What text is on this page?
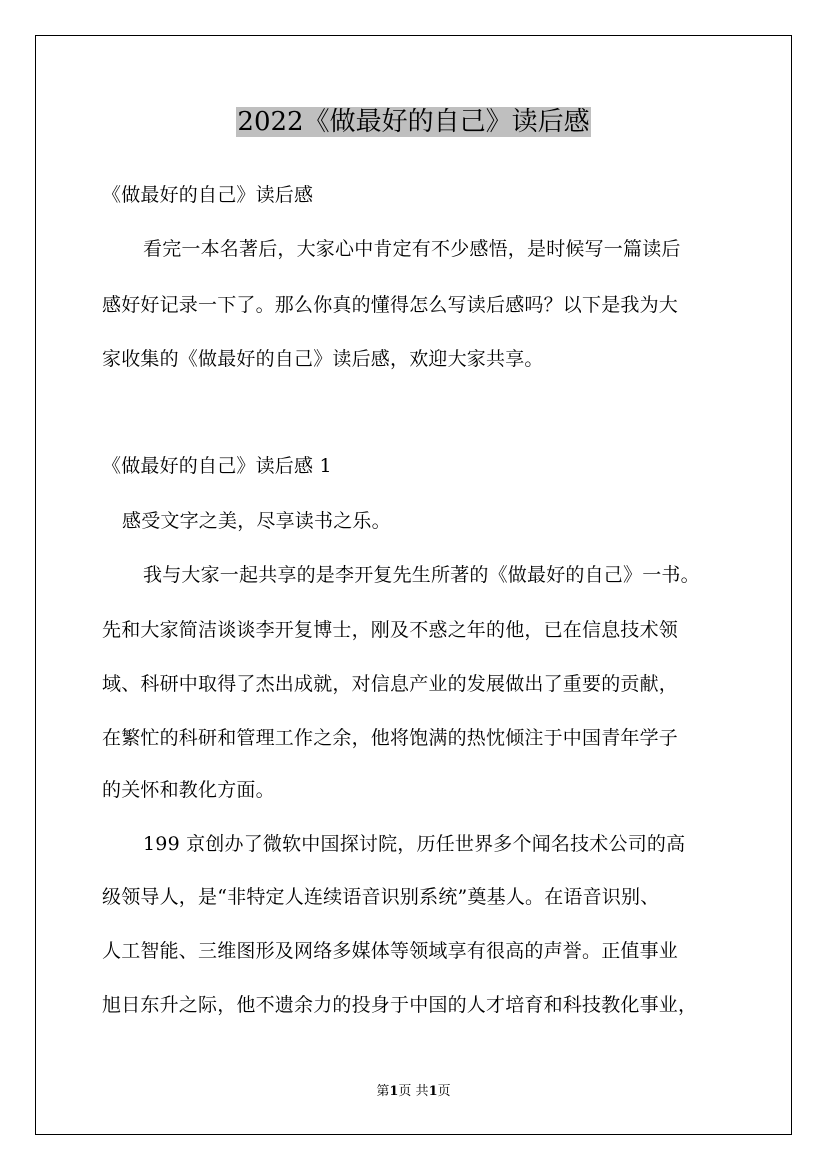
2022《做最好的自己》读后感
《做最好的自己》读后感
看完一本名著后，大家心中肯定有不少感悟，是时候写一篇读后
感好好记录一下了。那么你真的懂得怎么写读后感吗？以下是我为大
家收集的《做最好的自己》读后感，欢迎大家共享。
《做最好的自己》读后感 1
感受文字之美，尽享读书之乐。
我与大家一起共享的是李开复先生所著的《做最好的自己》一书。
先和大家简洁谈谈李开复博士，刚及不惑之年的他，已在信息技术领
域、科研中取得了杰出成就，对信息产业的发展做出了重要的贡献，
在繁忙的科研和管理工作之余，他将饱满的热忱倾注于中国青年学子
的关怀和教化方面。
199 京创办了微软中国探讨院，历任世界多个闻名技术公司的高
级领导人，是“非特定人连续语音识别系统”奠基人。在语音识别、
人工智能、三维图形及网络多媒体等领域享有很高的声誉。正值事业
旭日东升之际，他不遗余力的投身于中国的人才培育和科技教化事业，
第1页 共1页
